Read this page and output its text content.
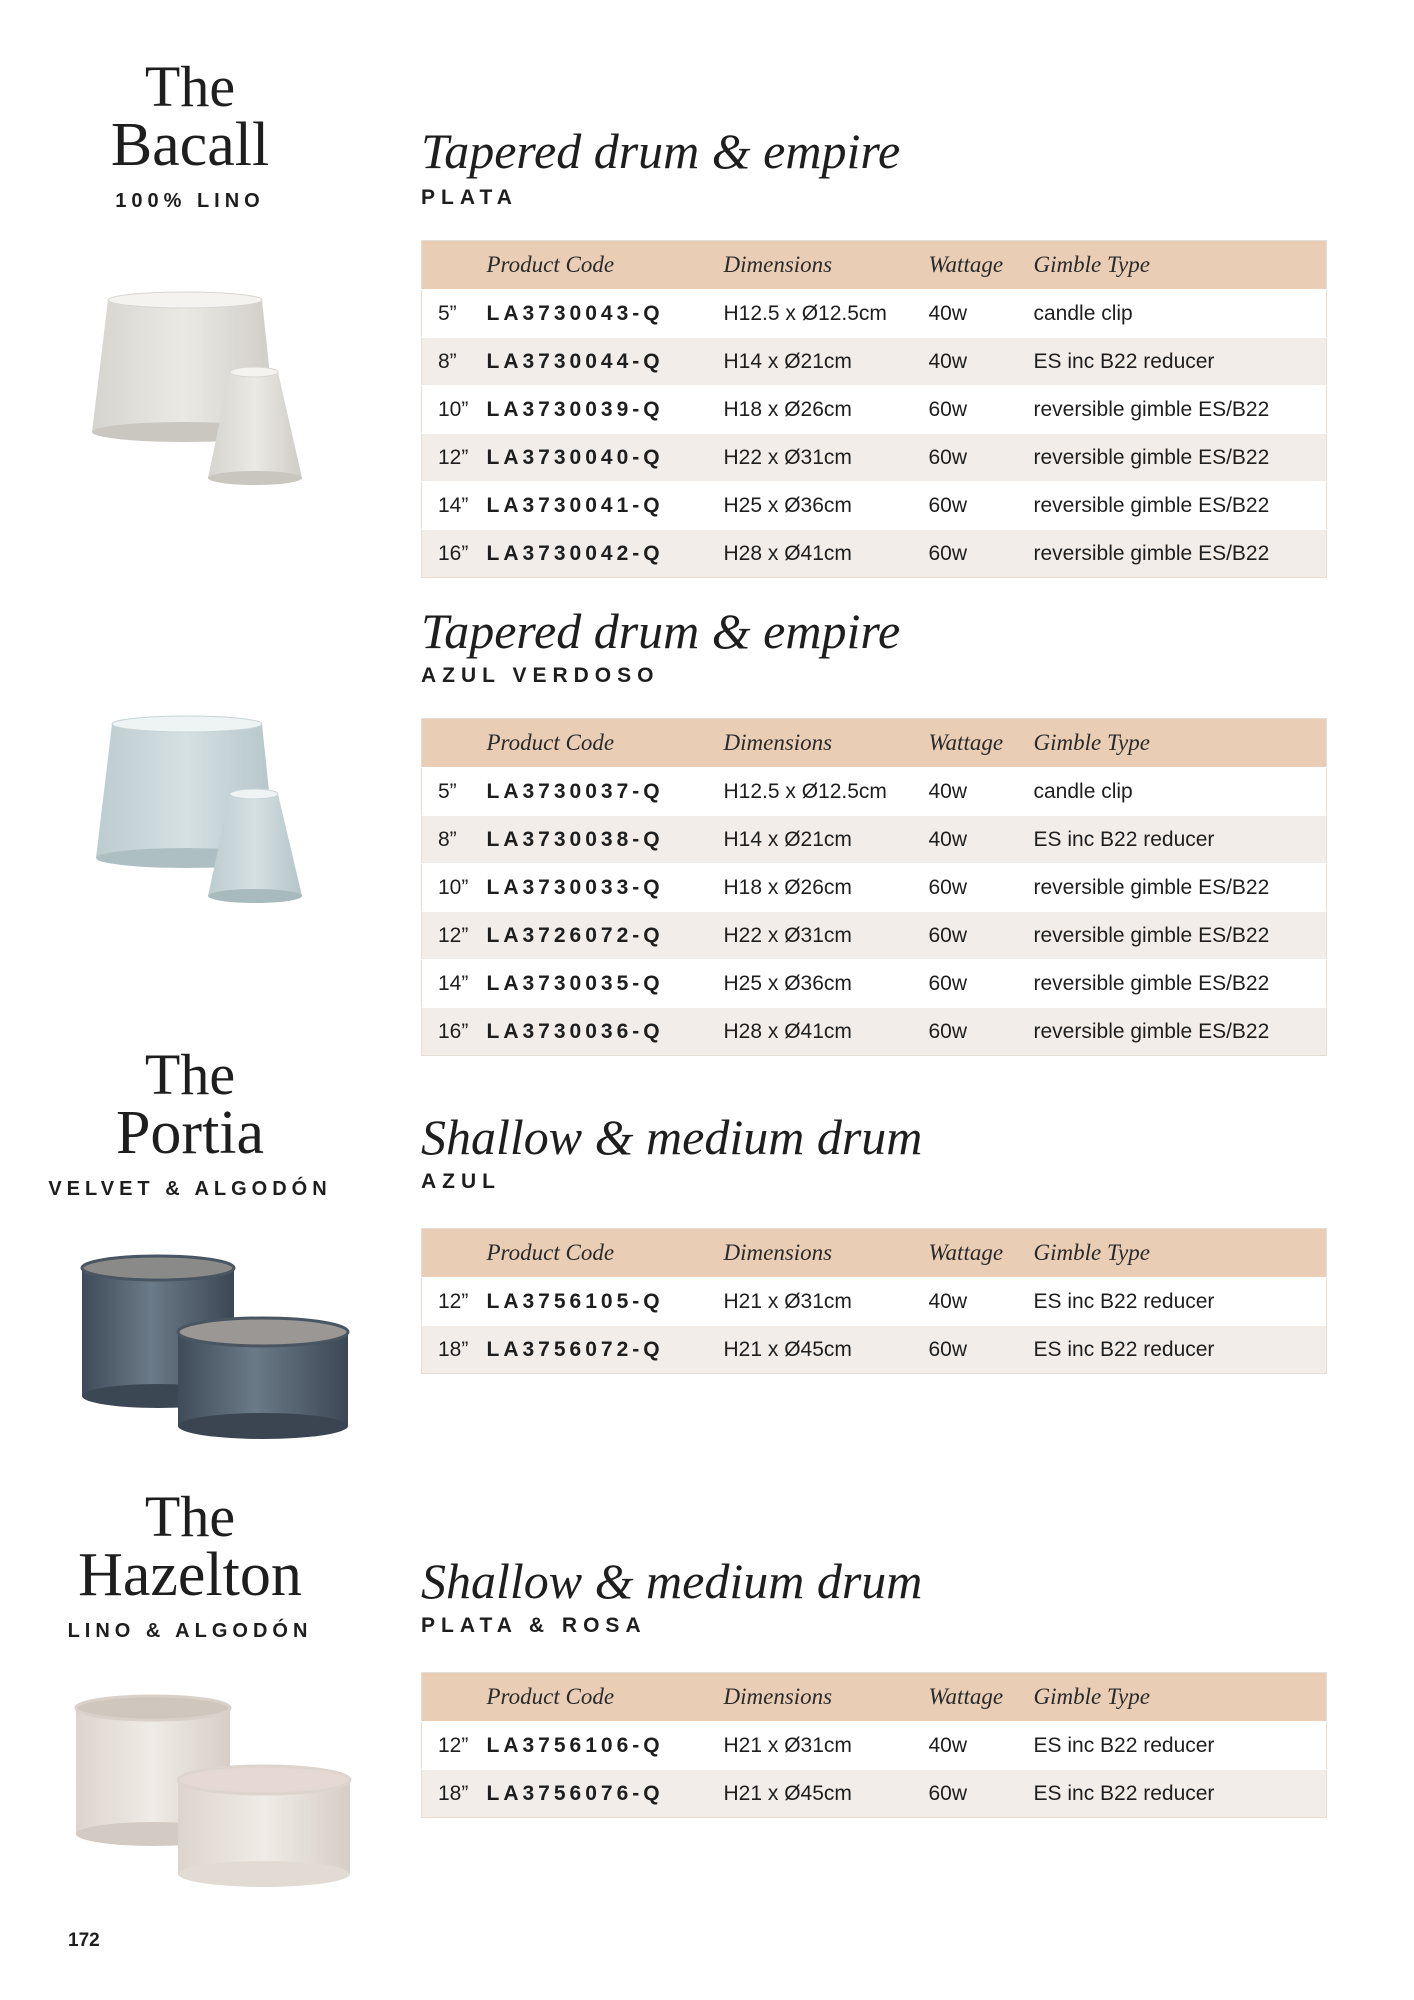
The
Bacall
100% LINO
The
Portia
VELVET & ALGODÓN
The
Hazelton
LINO & ALGODÓN
Tapered drum & empire
PLATA
	Product Code	Dimensions	Wattage	Gimble Type
5”	LA3730043-Q	H12.5 x Ø12.5cm	40w	candle clip
8”	LA3730044-Q	H14 x Ø21cm	40w	ES inc B22 reducer
10”	LA3730039-Q	H18 x Ø26cm	60w	reversible gimble ES/B22
12”	LA3730040-Q	H22 x Ø31cm	60w	reversible gimble ES/B22
14”	LA3730041-Q	H25 x Ø36cm	60w	reversible gimble ES/B22
16”	LA3730042-Q	H28 x Ø41cm	60w	reversible gimble ES/B22
Tapered drum & empire
AZUL VERDOSO
	Product Code	Dimensions	Wattage	Gimble Type
5”	LA3730037-Q	H12.5 x Ø12.5cm	40w	candle clip
8”	LA3730038-Q	H14 x Ø21cm	40w	ES inc B22 reducer
10”	LA3730033-Q	H18 x Ø26cm	60w	reversible gimble ES/B22
12”	LA3726072-Q	H22 x Ø31cm	60w	reversible gimble ES/B22
14”	LA3730035-Q	H25 x Ø36cm	60w	reversible gimble ES/B22
16”	LA3730036-Q	H28 x Ø41cm	60w	reversible gimble ES/B22
Shallow & medium drum
AZUL
	Product Code	Dimensions	Wattage	Gimble Type
12”	LA3756105-Q	H21 x Ø31cm	40w	ES inc B22 reducer
18”	LA3756072-Q	H21 x Ø45cm	60w	ES inc B22 reducer
Shallow & medium drum
PLATA & ROSA
	Product Code	Dimensions	Wattage	Gimble Type
12”	LA3756106-Q	H21 x Ø31cm	40w	ES inc B22 reducer
18”	LA3756076-Q	H21 x Ø45cm	60w	ES inc B22 reducer
172
